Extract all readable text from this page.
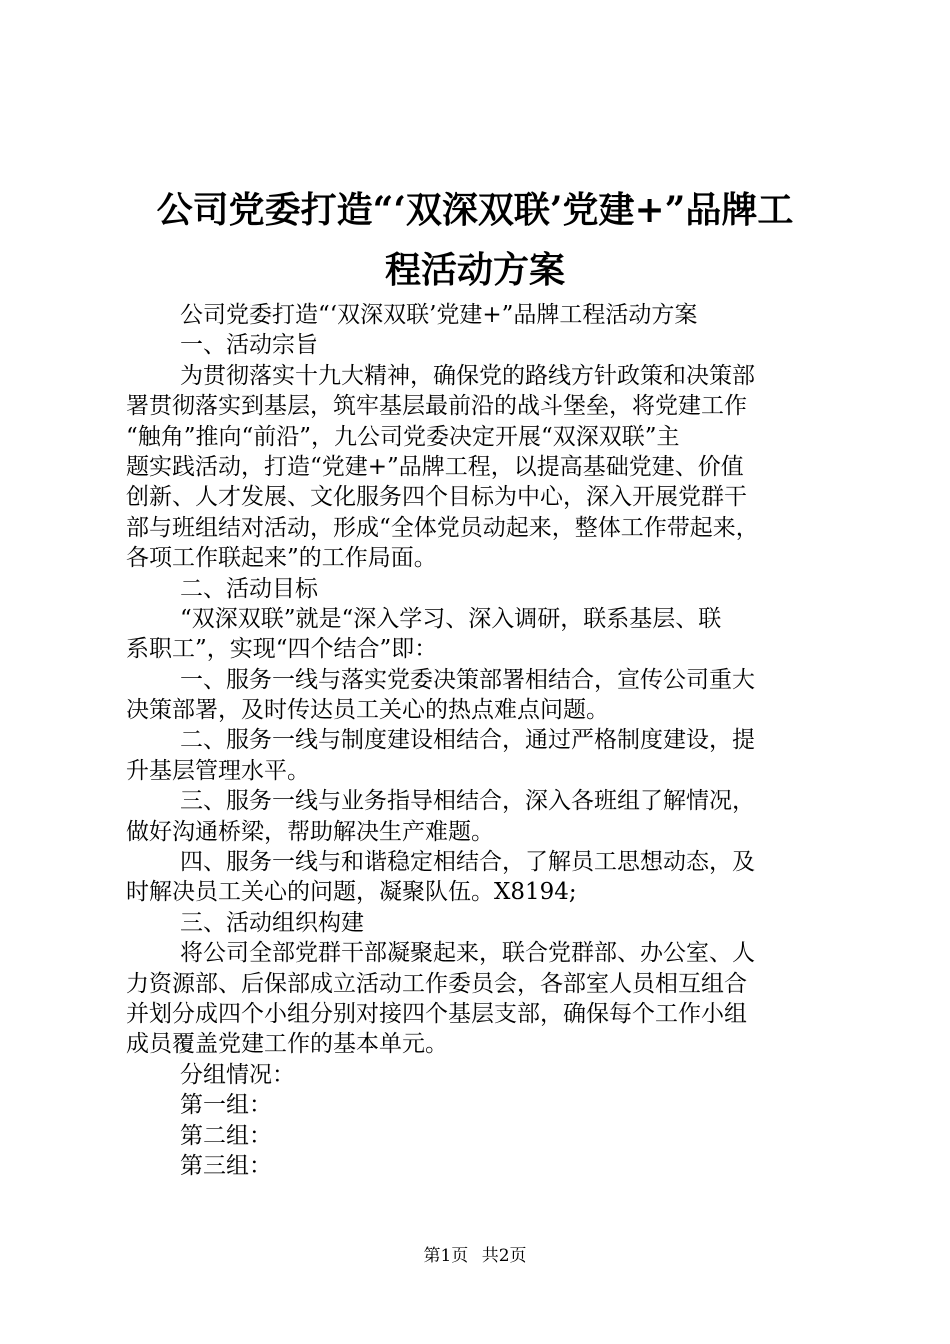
公司党委打造“‘双深双联’党建+”品牌工
程活动方案
公司党委打造“‘双深双联’党建+”品牌工程活动方案
一、活动宗旨
为贯彻落实十九大精神，确保党的路线方针政策和决策部
署贯彻落实到基层，筑牢基层最前沿的战斗堡垒，将党建工作
“触角”推向“前沿”，九公司党委决定开展“双深双联”主
题实践活动，打造“党建+”品牌工程，以提高基础党建、价值
创新、人才发展、文化服务四个目标为中心，深入开展党群干
部与班组结对活动，形成“全体党员动起来，整体工作带起来，
各项工作联起来”的工作局面。
二、活动目标
“双深双联”就是“深入学习、深入调研，联系基层、联
系职工”，实现“四个结合”即：
一、服务一线与落实党委决策部署相结合，宣传公司重大
决策部署，及时传达员工关心的热点难点问题。
二、服务一线与制度建设相结合，通过严格制度建设，提
升基层管理水平。
三、服务一线与业务指导相结合，深入各班组了解情况，
做好沟通桥梁，帮助解决生产难题。
四、服务一线与和谐稳定相结合，了解员工思想动态，及
时解决员工关心的问题，凝聚队伍。X8194;
三、活动组织构建
将公司全部党群干部凝聚起来，联合党群部、办公室、人
力资源部、后保部成立活动工作委员会，各部室人员相互组合
并划分成四个小组分别对接四个基层支部，确保每个工作小组
成员覆盖党建工作的基本单元。
分组情况：
第一组：
第二组：
第三组：
第1页 共2页
